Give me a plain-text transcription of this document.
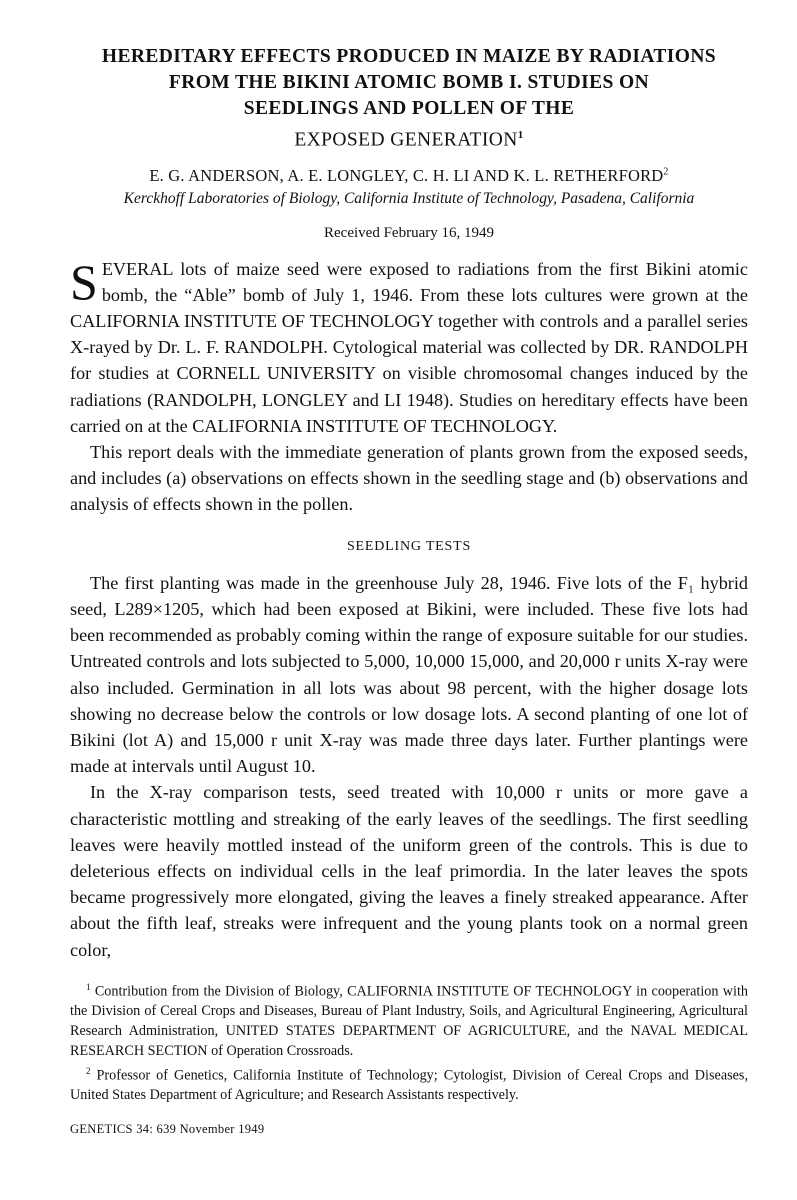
HEREDITARY EFFECTS PRODUCED IN MAIZE BY RADIATIONS
FROM THE BIKINI ATOMIC BOMB I. STUDIES ON
SEEDLINGS AND POLLEN OF THE
EXPOSED GENERATION$^1$
E. G. ANDERSON, A. E. LONGLEY, C. H. LI AND K. L. RETHERFORD$^2$
Kerckhoff Laboratories of Biology, California Institute of Technology, Pasadena, California
Received February 16, 1949

SEVERAL lots of maize seed were exposed to radiations from the first Bikini atomic bomb, the “Able” bomb of July 1, 1946. From these lots cultures were grown at the CALIFORNIA INSTITUTE OF TECHNOLOGY together with controls and a parallel series X-rayed by Dr. L. F. RANDOLPH. Cytological material was collected by DR. RANDOLPH for studies at CORNELL UNIVERSITY on visible chromosomal changes induced by the radiations (RANDOLPH, LONGLEY and LI 1948). Studies on hereditary effects have been carried on at the CALIFORNIA INSTITUTE OF TECHNOLOGY.

This report deals with the immediate generation of plants grown from the exposed seeds, and includes (a) observations on effects shown in the seedling stage and (b) observations and analysis of effects shown in the pollen.

SEEDLING TESTS

The first planting was made in the greenhouse July 28, 1946. Five lots of the F₁ hybrid seed, L289×1205, which had been exposed at Bikini, were included. These five lots had been recommended as probably coming within the range of exposure suitable for our studies. Untreated controls and lots subjected to 5,000, 10,000 15,000, and 20,000 r units X-ray were also included. Germination in all lots was about 98 percent, with the higher dosage lots showing no decrease below the controls or low dosage lots. A second planting of one lot of Bikini (lot A) and 15,000 r unit X-ray was made three days later. Further plantings were made at intervals until August 10.

In the X-ray comparison tests, seed treated with 10,000 r units or more gave a characteristic mottling and streaking of the early leaves of the seedlings. The first seedling leaves were heavily mottled instead of the uniform green of the controls. This is due to deleterious effects on individual cells in the leaf primordia. In the later leaves the spots became progressively more elongated, giving the leaves a finely streaked appearance. After about the fifth leaf, streaks were infrequent and the young plants took on a normal green color,

$^1$ Contribution from the Division of Biology, CALIFORNIA INSTITUTE OF TECHNOLOGY in cooperation with the Division of Cereal Crops and Diseases, Bureau of Plant Industry, Soils, and Agricultural Engineering, Agricultural Research Administration, UNITED STATES DEPARTMENT OF AGRICULTURE, and the NAVAL MEDICAL RESEARCH SECTION of Operation Crossroads.

$^2$ Professor of Genetics, California Institute of Technology; Cytologist, Division of Cereal Crops and Diseases, United States Department of Agriculture; and Research Assistants respectively.

GENETICS 34: 639 November 1949
